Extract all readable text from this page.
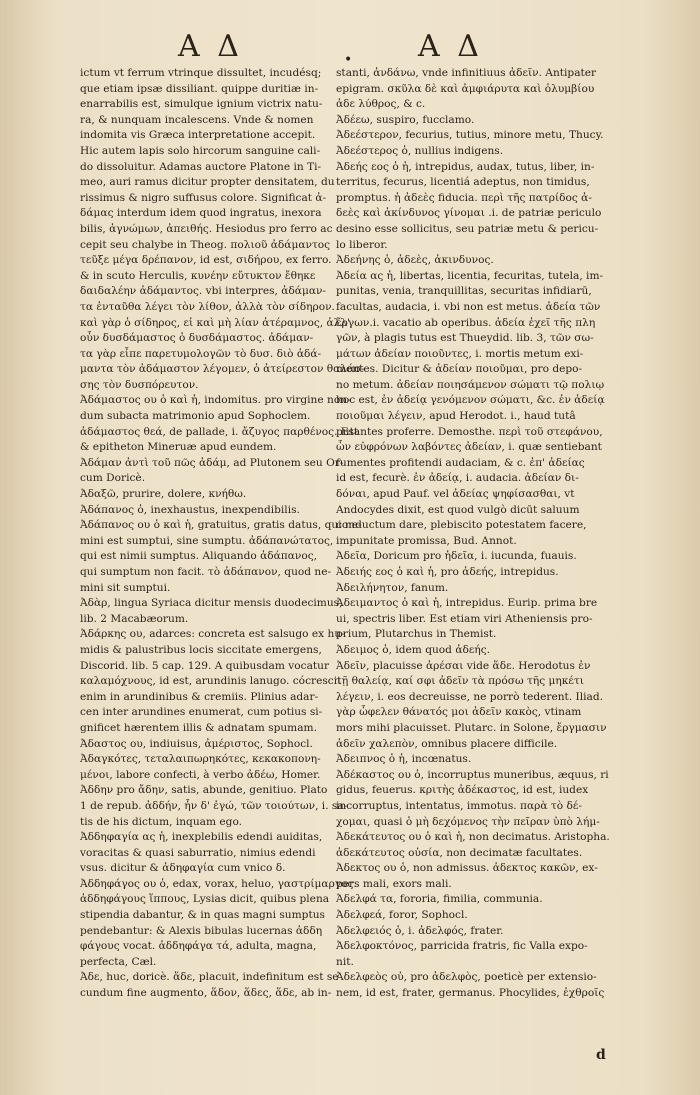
A Δ	• A Δ

ictum vt ferrum vtrinque dissultet, incudésq;

que etiam ipsæ dissiliant. quippe duritiæ in-

enarrabilis est, simulque ignium victrix natu-

ra, & nunquam incalescens. Vnde & nomen

indomita vis Græca interpretatione accepit.

Hic autem lapis solo hircorum sanguine cali-

do dissoluitur. Adamas auctore Platone in Ti-

meo, auri ramus dicitur propter densitatem, du

rissimus & nigro suffusus colore. Significat ἀ-

δάμας interdum idem quod ingratus, inexora

bilis, ἀγνώμων, ἀπειθής. Hesiodus pro ferro ac

cepit seu chalybe in Theog. πολιοῦ ἀδάμαντος

τεῦξε μέγα δρέπανον, id est, σιδήρου, ex ferro.

& in scuto Herculis, κυνέην εὔτυκτον ἔθηκε

δαιδαλέην ἀδάμαντος. vbi interpres, ἀδάμαν-

τα ἐνταῦθα λέγει τὸν λίθον, ἀλλὰ τὸν σίδηρον.

καὶ γὰρ ὁ σίδηρος, εἰ καὶ μὴ λίαν ἀτέραμνος, ἀλλ'

οὖν δυσδάμαστος ὁ δυσδάμαστος. ἀδάμαν-

τα γὰρ εἶπε παρετυμολογῶν τὸ δυσ. διὸ ἀδά-

μαντα τὸν ἀδάμαστον λέγομεν, ὁ ἀτείρεστον θαλάσ-

σης τὸν δυσπόρευτον.

Ἀδάμαστος ου ὁ καὶ ἡ, indomitus. pro virgine non-

dum subacta matrimonio apud Sophoclem.

ἀδάμαστος θεά, de pallade, i. ἄζυγος παρθένος. Est

& epitheton Mineruæ apud eundem.

Ἀδάμαν ἀντὶ τοῦ πῶς ἀδάμ, ad Plutonem seu Or-

cum Doricè.

Ἀδαξῶ, prurire, dolere, κνήθω.

Ἀδάπανος ὁ, inexhaustus, inexpendibilis.

Ἀδάπανος ου ὁ καὶ ἡ, gratuitus, gratis datus, qui ne-

mini est sumptui, sine sumptu. ἀδάπανώτατος,

qui est nimii sumptus. Aliquando ἀδάπανος,

qui sumptum non facit. τὸ ἀδάπανον, quod ne-

mini sit sumptui.

Ἀδὰρ, lingua Syriaca dicitur mensis duodecimus,

lib. 2 Macabæorum.

Ἀδάρκης ου, adarces: concreta est salsugo ex hu-

midis & palustribus locis siccitate emergens,

Discorid. lib. 5 cap. 129. A quibusdam vocatur

καλαμόχνους, id est, arundinis lanugo. cócrescit

enim in arundinibus & cremiis. Plinius adar-

cen inter arundines enumerat, cum potius si-

gnificet hærentem illis & adnatam spumam.

Ἀδαστος ου, indiuisus, ἀμέριστος, Sophocl.

Ἀδαγκότες, τεταλαιπωρηκότες, κεκακοπονη-

μένοι, labore confecti, à verbo ἀδέω, Homer.

Ἀδδην pro ἄδην, satis, abunde, genitiuo. Plato

1 de repub. ἀδδήν, ἦν δ' ἐγώ, τῶν τοιούτων, i. sa-

tis de his dictum, inquam ego.

Ἀδδηφαγία ας ἡ, inexplebilis edendi auiditas,

voracitas & quasi saburratio, nimius edendi

vsus. dicitur & ἀδηφαγία cum vnico δ.

Ἀδδηφάγος ου ὁ, edax, vorax, heluo, γαστρίμαργος.

ἀδδηφάγους ἵππους, Lysias dicit, quibus plena

stipendia dabantur, & in quas magni sumptus

pendebantur: & Alexis bibulas lucernas ἀδδη

φάγους vocat. ἀδδηφάγα τά, adulta, magna,

perfecta, Cæl.

Ἀδε, huc, doricè. ἅδε, placuit, indefinitum est se

cundum fine augmento, ἅδον, ἅδες, ἅδε, ab in-

stanti, ἁνδάνω, vnde infinitiuus ἀδεῖν. Antipater

epigram. σκῦλα δὲ καὶ ἀμφιάρυτα καὶ ὀλυμβίου

ἀδε λύθρος, & c.

Ἀδέεω, suspiro, fucclamo.

Ἀδεέστερον, fecurius, tutius, minore metu, Thucy.

Ἀδεέστερος ὁ, nullius indigens.

Ἀδεής εος ὁ ἡ, intrepidus, audax, tutus, liber, in-

territus, fecurus, licentiá adeptus, non timidus,

promptus. ἡ ἀδεὲς fiducia. περὶ τῆς πατρίδος ἀ-

δεὲς καὶ ἀκίνδυνος γίνομαι .i. de patriæ periculo

desino esse sollicitus, seu patriæ metu & pericu-

lo liberor.

Ἀδεήνης ὁ, ἀδεὲς, ἀκινδυνος.

Ἀδεία ας ἡ, libertas, licentia, fecuritas, tutela, im-

punitas, venia, tranquillitas, securitas infidiarū,

facultas, audacia, i. vbi non est metus. ἀδεία τῶν

ἔργων.i. vacatio ab operibus. ἀδεία ἐχεῖ τῆς πλη

γῶν, à plagis tutus est Thueydid. lib. 3, τῶν σω-

μάτων ἀδείαν ποιοῦντες, i. mortis metum exi-

mentes. Dicitur & ἀδείαν ποιοῦμαι, pro depo-

no metum. ἀδείαν ποιησάμενον σώματι τῷ πολιῳ

hoc est, ἐν ἀδείᾳ γενόμενον σώματι, &c. ἐν ἀδείᾳ

ποιοῦμαι λέγειν, apud Herodot. i., haud tutâ

putantes proferre. Demosthe. περὶ τοῦ στεφάνου,

ὧν εὐφρόνων λαβόντες ἀδείαν, i. quæ sentiebant

fumentes profitendi audaciam, & c. ἐπ' ἀδείας

id est, fecurè. ἐν ἀδείᾳ, i. audacia. ἀδείαν δι-

δόναι, apud Pauf. vel ἀδείας ψηφίσασθαι, vt

Andocydes dixit, est quod vulgò dicūt saluum

conductum dare, plebiscito potestatem facere,

impunitate promissa, Bud. Annot.

Ἀδεῖα, Doricum pro ἡδεῖα, i. iucunda, fuauis.

Ἀδειής εος ὁ καὶ ἡ, pro ἀδεής, intrepidus.

Ἀδειλήνητον, fanum.

Ἀδειμαντος ὁ καὶ ἡ, intrepidus. Eurip. prima bre

ui, spectris liber. Est etiam viri Atheniensis pro-

prium, Plutarchus in Themist.

Ἀδειμος ὁ, idem quod ἀδεής.

Ἀδεῖν, placuisse ἀρέσαι vide ἅδε. Herodotus ἐν

τῇ θαλείᾳ, καί σφι ἀδεῖν τὰ πρόσω τῆς μηκέτι

λέγειν, i. eos decreuisse, ne porrò tederent. Iliad.

γὰρ ὦφελεν θάνατός μοι ἀδεῖν κακὸς, vtinam

mors mihi placuisset. Plutarc. in Solone, ἔργμασιν

ἀδεῖν χαλεπὸν, omnibus placere difficile.

Ἀδειπνος ὁ ἡ, incœnatus.

Ἀδέκαστος ου ὁ, incorruptus muneribus, æquus, ri

gidus, feuerus. κριτὴς ἀδέκαστος, id est, iudex

incorruptus, intentatus, immotus. παρὰ τὸ δέ-

χομαι, quasi ὁ μὴ δεχόμενος τὴν πεῖραν ὑπὸ λήμ-

Ἀδεκάτευτος ου ὁ καὶ ἡ, non decimatus. Aristopha.

ἀδεκάτευτος οὐσία, non decimatæ facultates.

Ἀδεκτος ου ὁ, non admissus. ἀδεκτος κακῶν, ex-

pers mali, exors mali.

Ἀδελφά τα, fororia, fimilia, communia.

Ἀδελφεά, foror, Sophocl.

Ἀδελφειός ὁ, i. ἀδελφός, frater.

Ἀδελφοκτόνος, parricida fratris, fic Valla expo-

nit.

Ἀδελφεὸς οὐ, pro ἀδελφὸς, poeticè per extensio-

nem, id est, frater, germanus. Phocylides, ἐχθροῖς

d
